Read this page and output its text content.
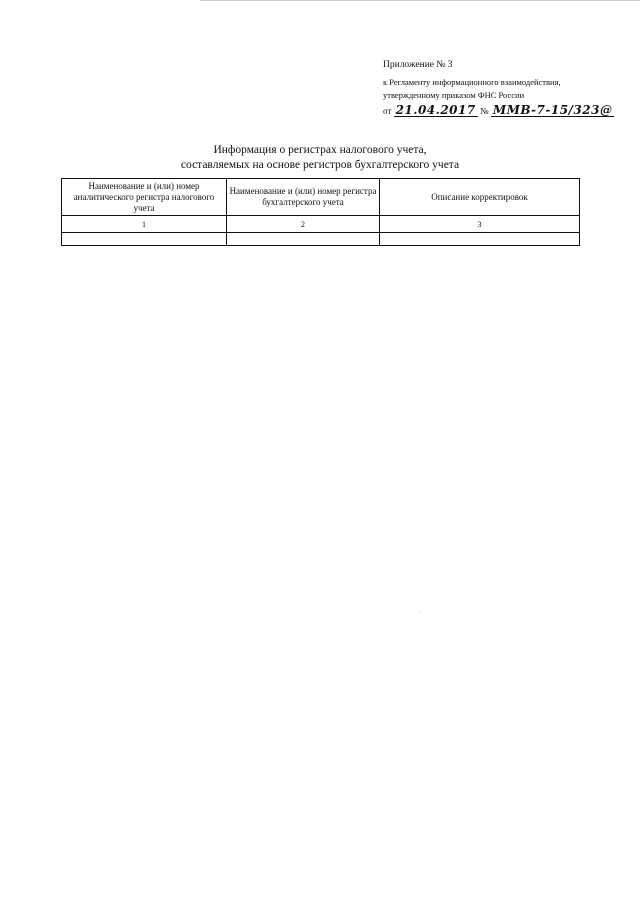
Приложение № 3
к Регламенту информационного взаимодействия,
утвержденному приказом ФНС России
от 21.04.2017 № ММВ-7-15/323@
Информация о регистрах налогового учета,
составляемых на основе регистров бухгалтерского учета
Наименование и (или) номер аналитического регистра налогового учета	Наименование и (или) номер регистра бухгалтерского учета	Описание корректировок
1	2	3
